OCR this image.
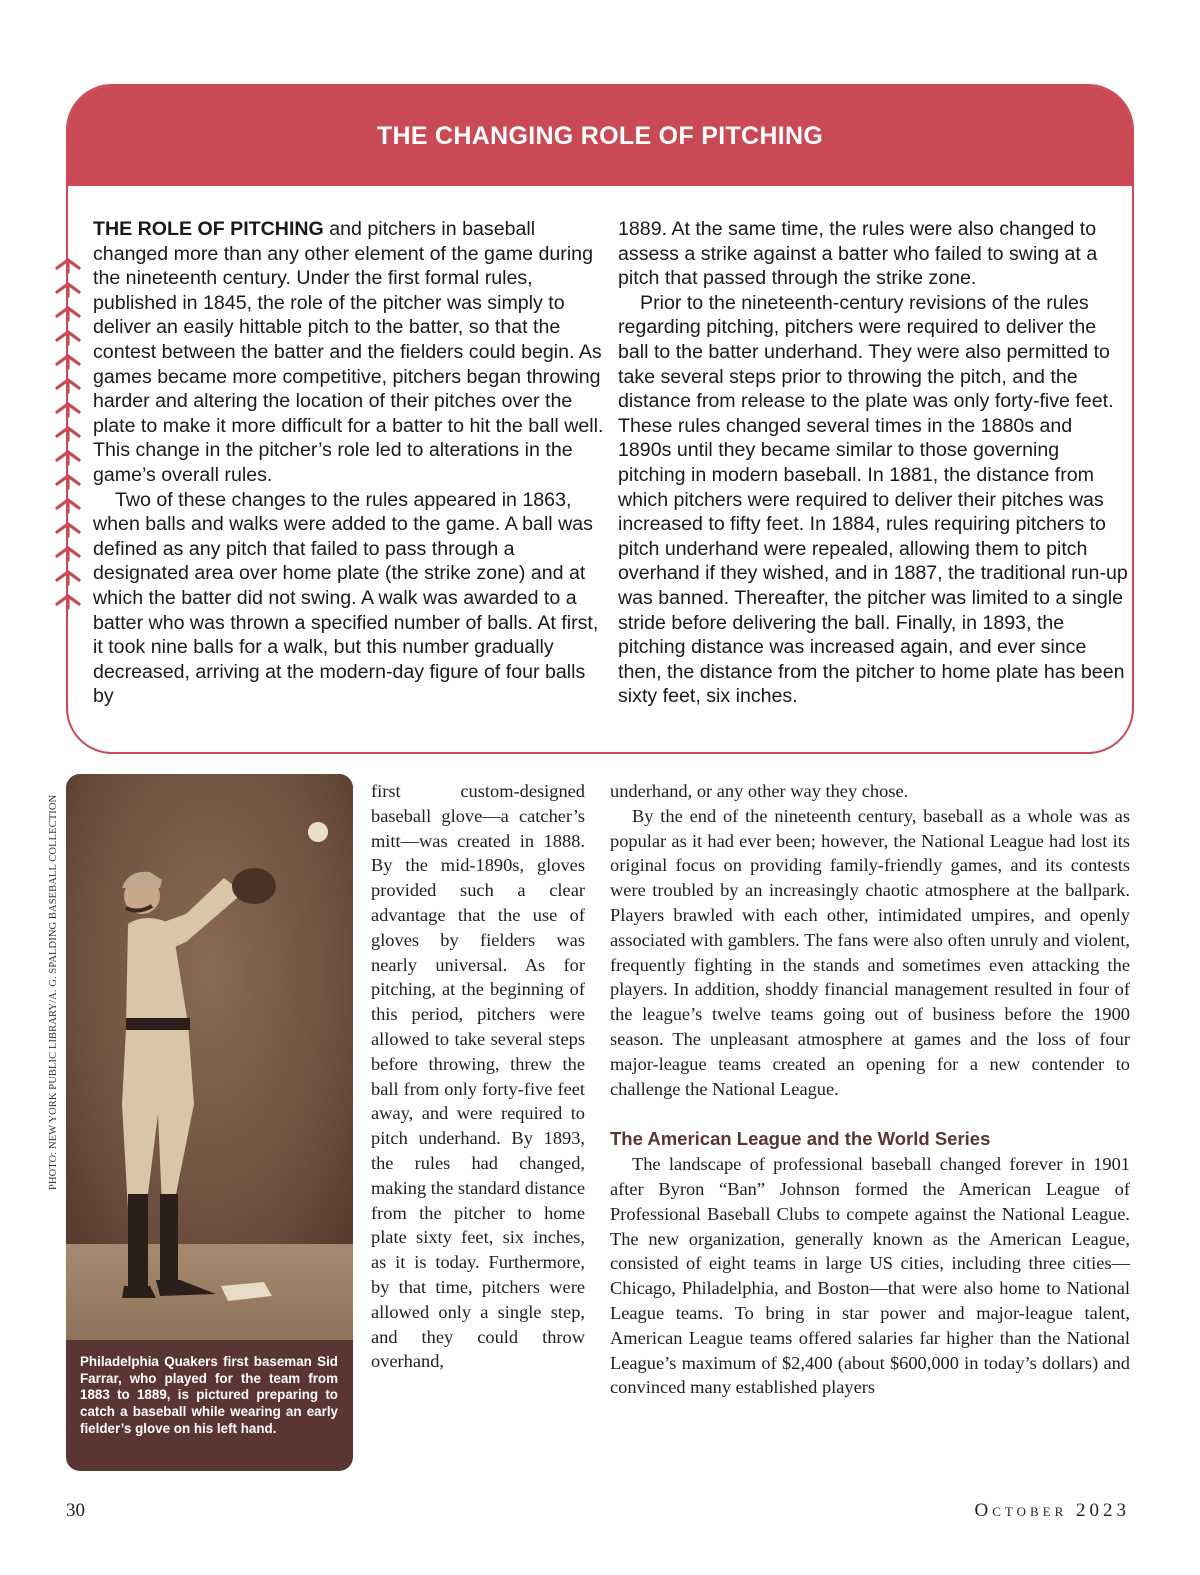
THE CHANGING ROLE OF PITCHING

THE ROLE OF PITCHING and pitchers in baseball changed more than any other element of the game during the nineteenth century. Under the first formal rules, published in 1845, the role of the pitcher was simply to deliver an easily hittable pitch to the batter, so that the contest between the batter and the fielders could begin. As games became more competitive, pitchers began throwing harder and altering the location of their pitches over the plate to make it more difficult for a batter to hit the ball well. This change in the pitcher’s role led to alterations in the game’s overall rules.

Two of these changes to the rules appeared in 1863, when balls and walks were added to the game. A ball was defined as any pitch that failed to pass through a designated area over home plate (the strike zone) and at which the batter did not swing. A walk was awarded to a batter who was thrown a specified number of balls. At first, it took nine balls for a walk, but this number gradually decreased, arriving at the modern-day figure of four balls by

1889. At the same time, the rules were also changed to assess a strike against a batter who failed to swing at a pitch that passed through the strike zone.

Prior to the nineteenth-century revisions of the rules regarding pitching, pitchers were required to deliver the ball to the batter underhand. They were also permitted to take several steps prior to throwing the pitch, and the distance from release to the plate was only forty-five feet. These rules changed several times in the 1880s and 1890s until they became similar to those governing pitching in modern baseball. In 1881, the distance from which pitchers were required to deliver their pitches was increased to fifty feet. In 1884, rules requiring pitchers to pitch underhand were repealed, allowing them to pitch overhand if they wished, and in 1887, the traditional run-up was banned. Thereafter, the pitcher was limited to a single stride before delivering the ball. Finally, in 1893, the pitching distance was increased again, and ever since then, the distance from the pitcher to home plate has been sixty feet, six inches.

PHOTO: NEW YORK PUBLIC LIBRARY/A. G. SPALDING BASEBALL COLLECTION
Philadelphia Quakers first baseman Sid Farrar, who played for the team from 1883 to 1889, is pictured preparing to catch a baseball while wearing an early fielder’s glove on his left hand.

first custom-designed baseball glove—a catcher’s mitt—was created in 1888. By the mid-1890s, gloves provided such a clear advantage that the use of gloves by fielders was nearly universal. As for pitching, at the beginning of this period, pitchers were allowed to take several steps before throwing, threw the ball from only forty-five feet away, and were required to pitch underhand. By 1893, the rules had changed, making the standard distance from the pitcher to home plate sixty feet, six inches, as it is today. Furthermore, by that time, pitchers were allowed only a single step, and they could throw overhand,

underhand, or any other way they chose.

By the end of the nineteenth century, baseball as a whole was as popular as it had ever been; however, the National League had lost its original focus on providing family-friendly games, and its contests were troubled by an increasingly chaotic atmosphere at the ballpark. Players brawled with each other, intimidated umpires, and openly associated with gamblers. The fans were also often unruly and violent, frequently fighting in the stands and sometimes even attacking the players. In addition, shoddy financial management resulted in four of the league’s twelve teams going out of business before the 1900 season. The unpleasant atmosphere at games and the loss of four major-league teams created an opening for a new contender to challenge the National League.

The American League and the World Series

The landscape of professional baseball changed forever in 1901 after Byron “Ban” Johnson formed the American League of Professional Baseball Clubs to compete against the National League. The new organization, generally known as the American League, consisted of eight teams in large US cities, including three cities—Chicago, Philadelphia, and Boston—that were also home to National League teams. To bring in star power and major-league talent, American League teams offered salaries far higher than the National League’s maximum of $2,400 (about $600,000 in today’s dollars) and convinced many established players

30	October 2023
